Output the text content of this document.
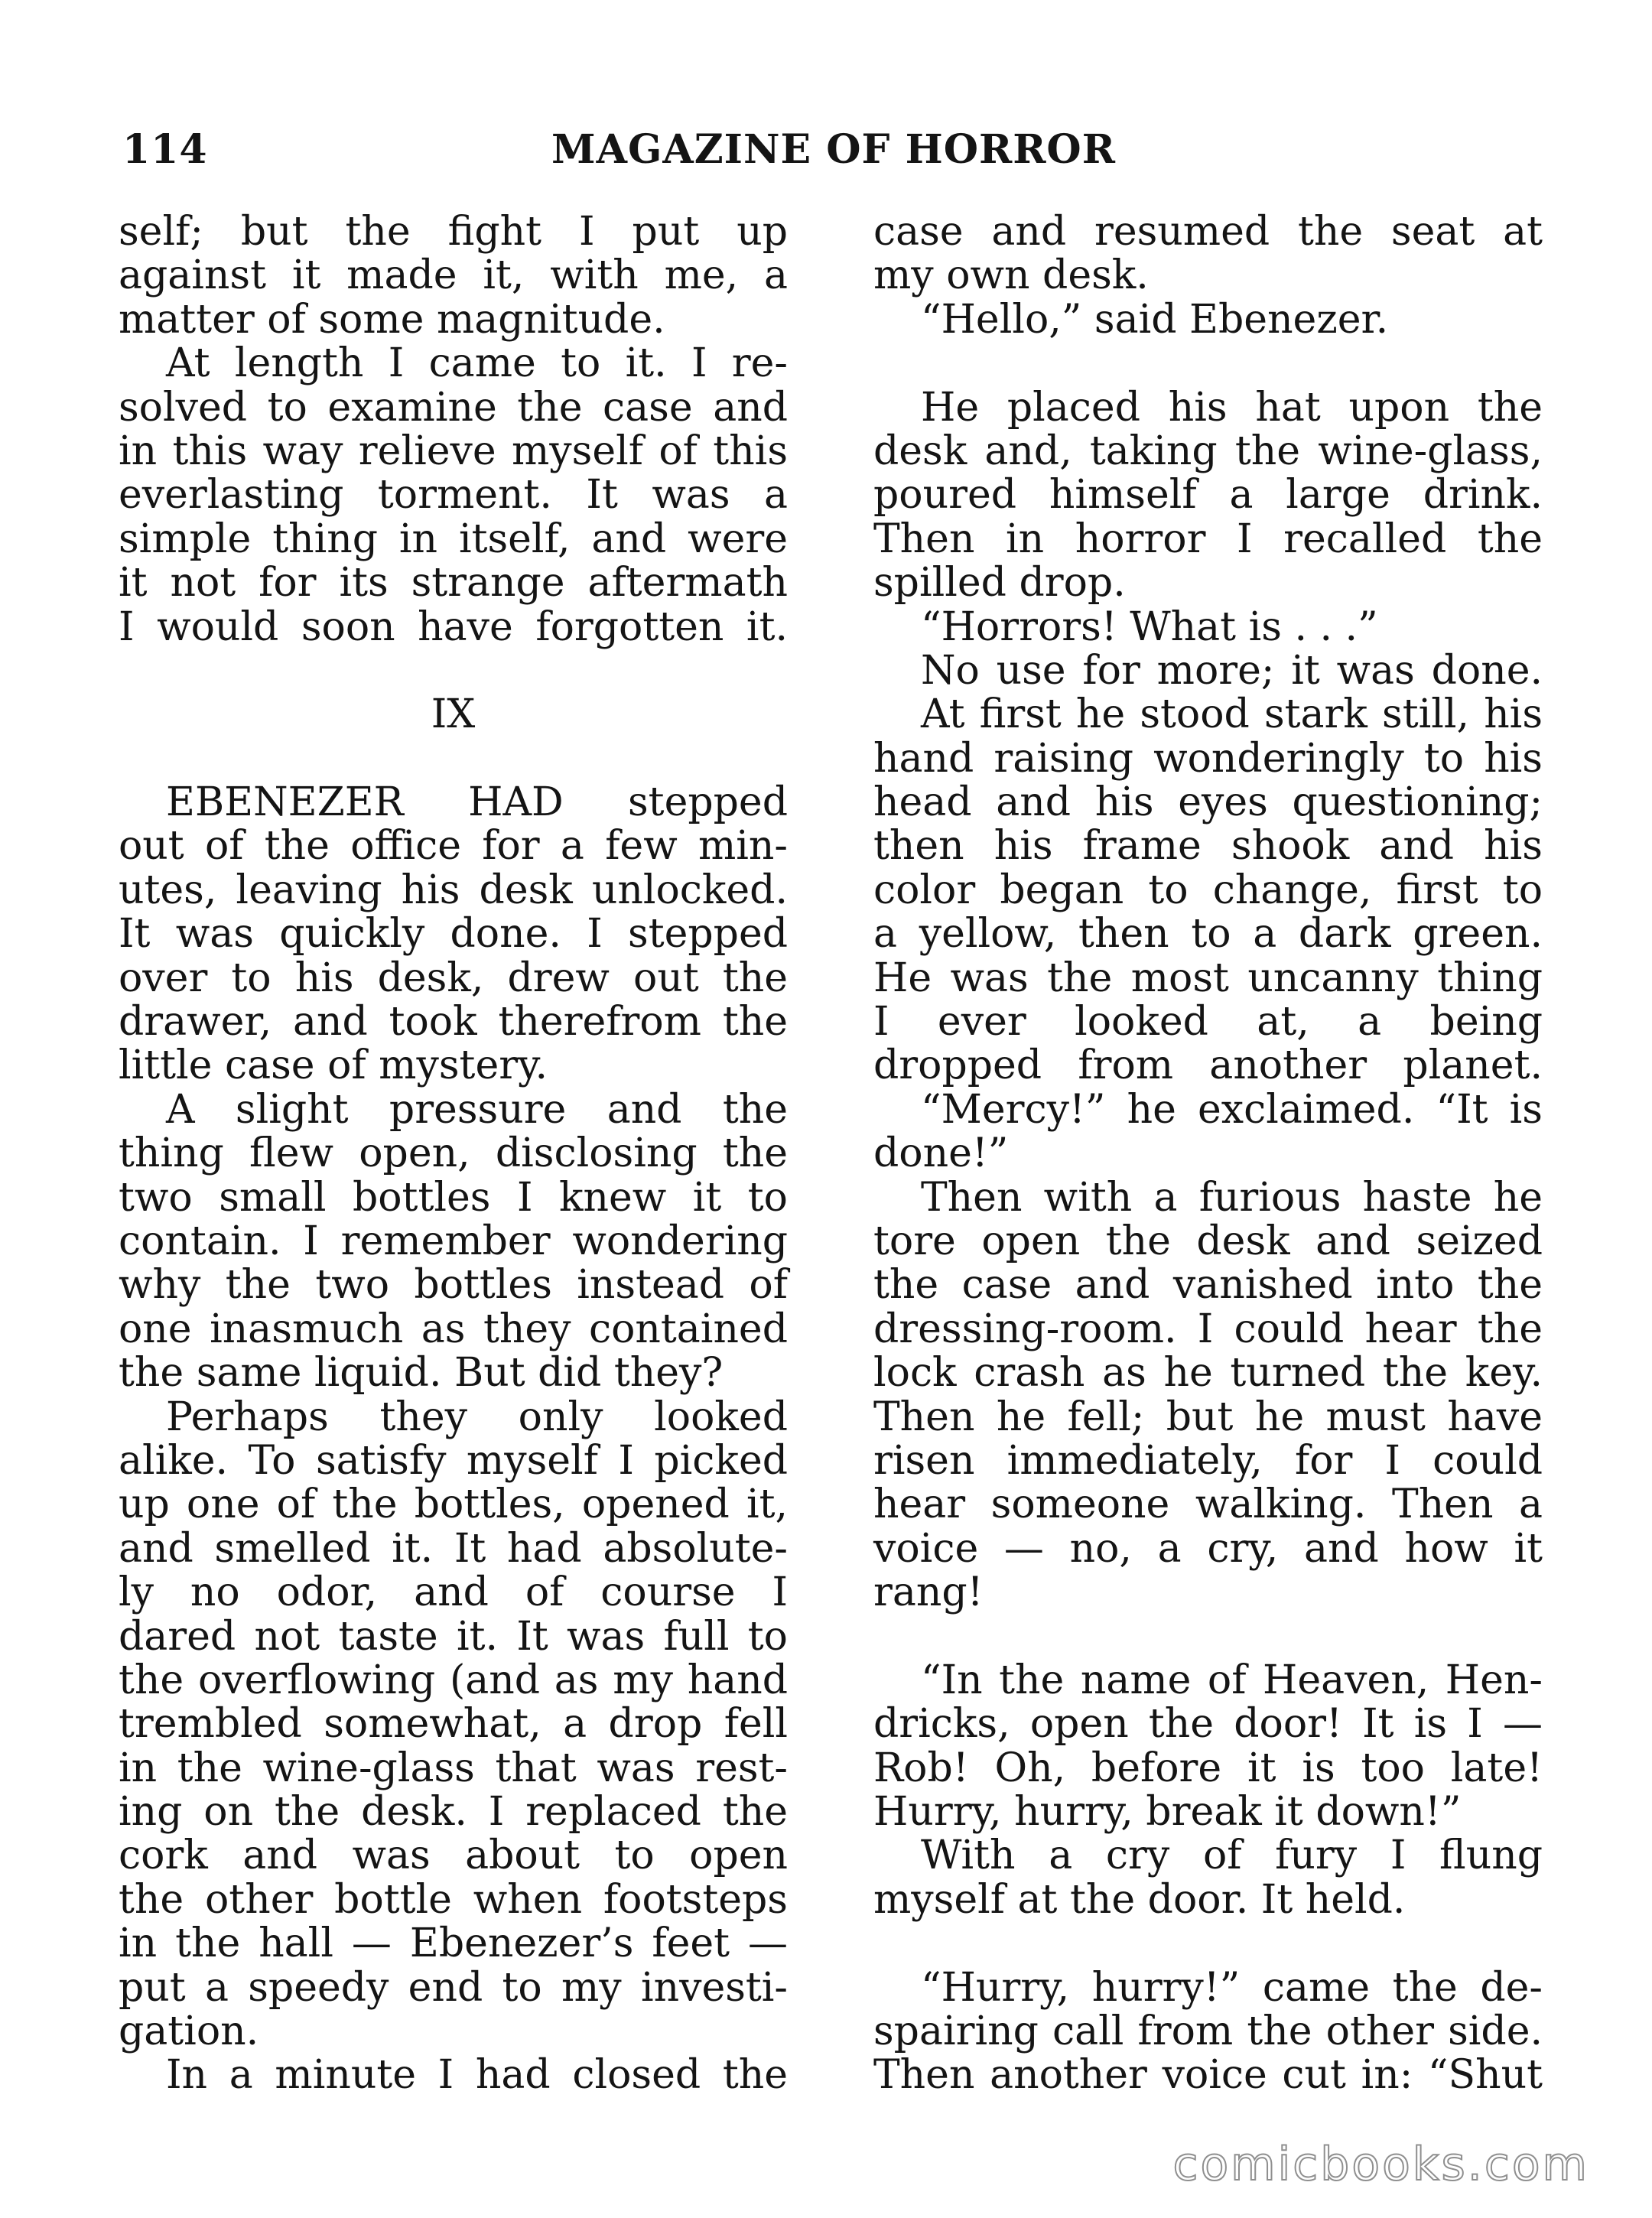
114	MAGAZINE OF HORROR
self; but the fight I put up
against it made it, with me, a
matter of some magnitude.
At length I came to it. I re-
solved to examine the case and
in this way relieve myself of this
everlasting torment. It was a
simple thing in itself, and were
it not for its strange aftermath
I would soon have forgotten it.
IX
EBENEZER HAD stepped
out of the office for a few min-
utes, leaving his desk unlocked.
It was quickly done. I stepped
over to his desk, drew out the
drawer, and took therefrom the
little case of mystery.
A slight pressure and the
thing flew open, disclosing the
two small bottles I knew it to
contain. I remember wondering
why the two bottles instead of
one inasmuch as they contained
the same liquid. But did they?
Perhaps they only looked
alike. To satisfy myself I picked
up one of the bottles, opened it,
and smelled it. It had absolute-
ly no odor, and of course I
dared not taste it. It was full to
the overflowing (and as my hand
trembled somewhat, a drop fell
in the wine-glass that was rest-
ing on the desk. I replaced the
cork and was about to open
the other bottle when footsteps
in the hall — Ebenezer’s feet —
put a speedy end to my investi-
gation.
In a minute I had closed the
case and resumed the seat at
my own desk.
“Hello,” said Ebenezer.
He placed his hat upon the
desk and, taking the wine-glass,
poured himself a large drink.
Then in horror I recalled the
spilled drop.
“Horrors! What is . . .”
No use for more; it was done.
At first he stood stark still, his
hand raising wonderingly to his
head and his eyes questioning;
then his frame shook and his
color began to change, first to
a yellow, then to a dark green.
He was the most uncanny thing
I ever looked at, a being
dropped from another planet.
“Mercy!” he exclaimed. “It is
done!”
Then with a furious haste he
tore open the desk and seized
the case and vanished into the
dressing-room. I could hear the
lock crash as he turned the key.
Then he fell; but he must have
risen immediately, for I could
hear someone walking. Then a
voice — no, a cry, and how it
rang!
“In the name of Heaven, Hen-
dricks, open the door! It is I —
Rob! Oh, before it is too late!
Hurry, hurry, break it down!”
With a cry of fury I flung
myself at the door. It held.
“Hurry, hurry!” came the de-
spairing call from the other side.
Then another voice cut in: “Shut
comicbooks.com
